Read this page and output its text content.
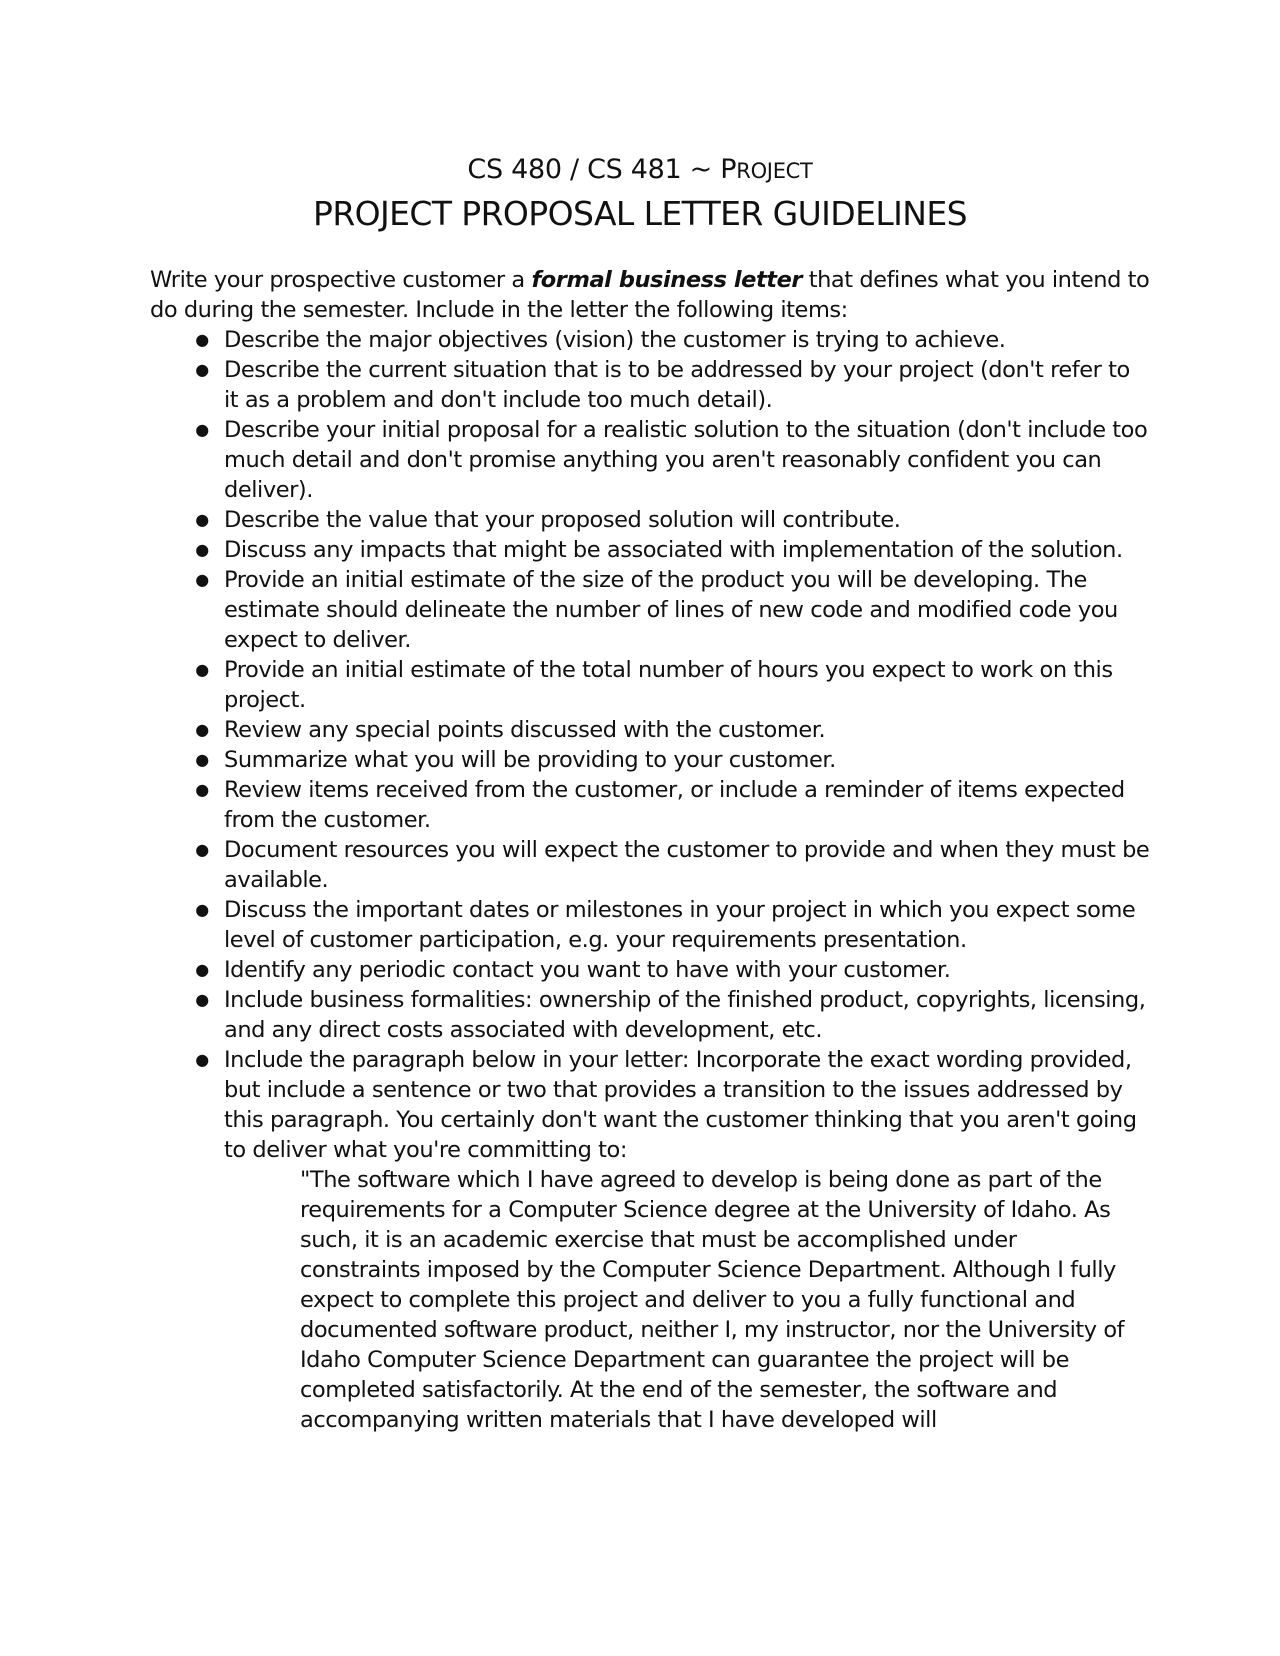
CS 480 / CS 481 ~ PROJECT
PROJECT PROPOSAL LETTER GUIDELINES

Write your prospective customer a formal business letter that defines what you intend to do during the semester. Include in the letter the following items:

● Describe the major objectives (vision) the customer is trying to achieve.
● Describe the current situation that is to be addressed by your project (don't refer to it as a problem and don't include too much detail).
● Describe your initial proposal for a realistic solution to the situation (don't include too much detail and don't promise anything you aren't reasonably confident you can deliver).
● Describe the value that your proposed solution will contribute.
● Discuss any impacts that might be associated with implementation of the solution.
● Provide an initial estimate of the size of the product you will be developing. The estimate should delineate the number of lines of new code and modified code you expect to deliver.
● Provide an initial estimate of the total number of hours you expect to work on this project.
● Review any special points discussed with the customer.
● Summarize what you will be providing to your customer.
● Review items received from the customer, or include a reminder of items expected from the customer.
● Document resources you will expect the customer to provide and when they must be available.
● Discuss the important dates or milestones in your project in which you expect some level of customer participation, e.g. your requirements presentation.
● Identify any periodic contact you want to have with your customer.
● Include business formalities: ownership of the finished product, copyrights, licensing, and any direct costs associated with development, etc.
● Include the paragraph below in your letter: Incorporate the exact wording provided, but include a sentence or two that provides a transition to the issues addressed by this paragraph. You certainly don't want the customer thinking that you aren't going to deliver what you're committing to:

"The software which I have agreed to develop is being done as part of the requirements for a Computer Science degree at the University of Idaho. As such, it is an academic exercise that must be accomplished under constraints imposed by the Computer Science Department. Although I fully expect to complete this project and deliver to you a fully functional and documented software product, neither I, my instructor, nor the University of Idaho Computer Science Department can guarantee the project will be completed satisfactorily. At the end of the semester, the software and accompanying written materials that I have developed will
